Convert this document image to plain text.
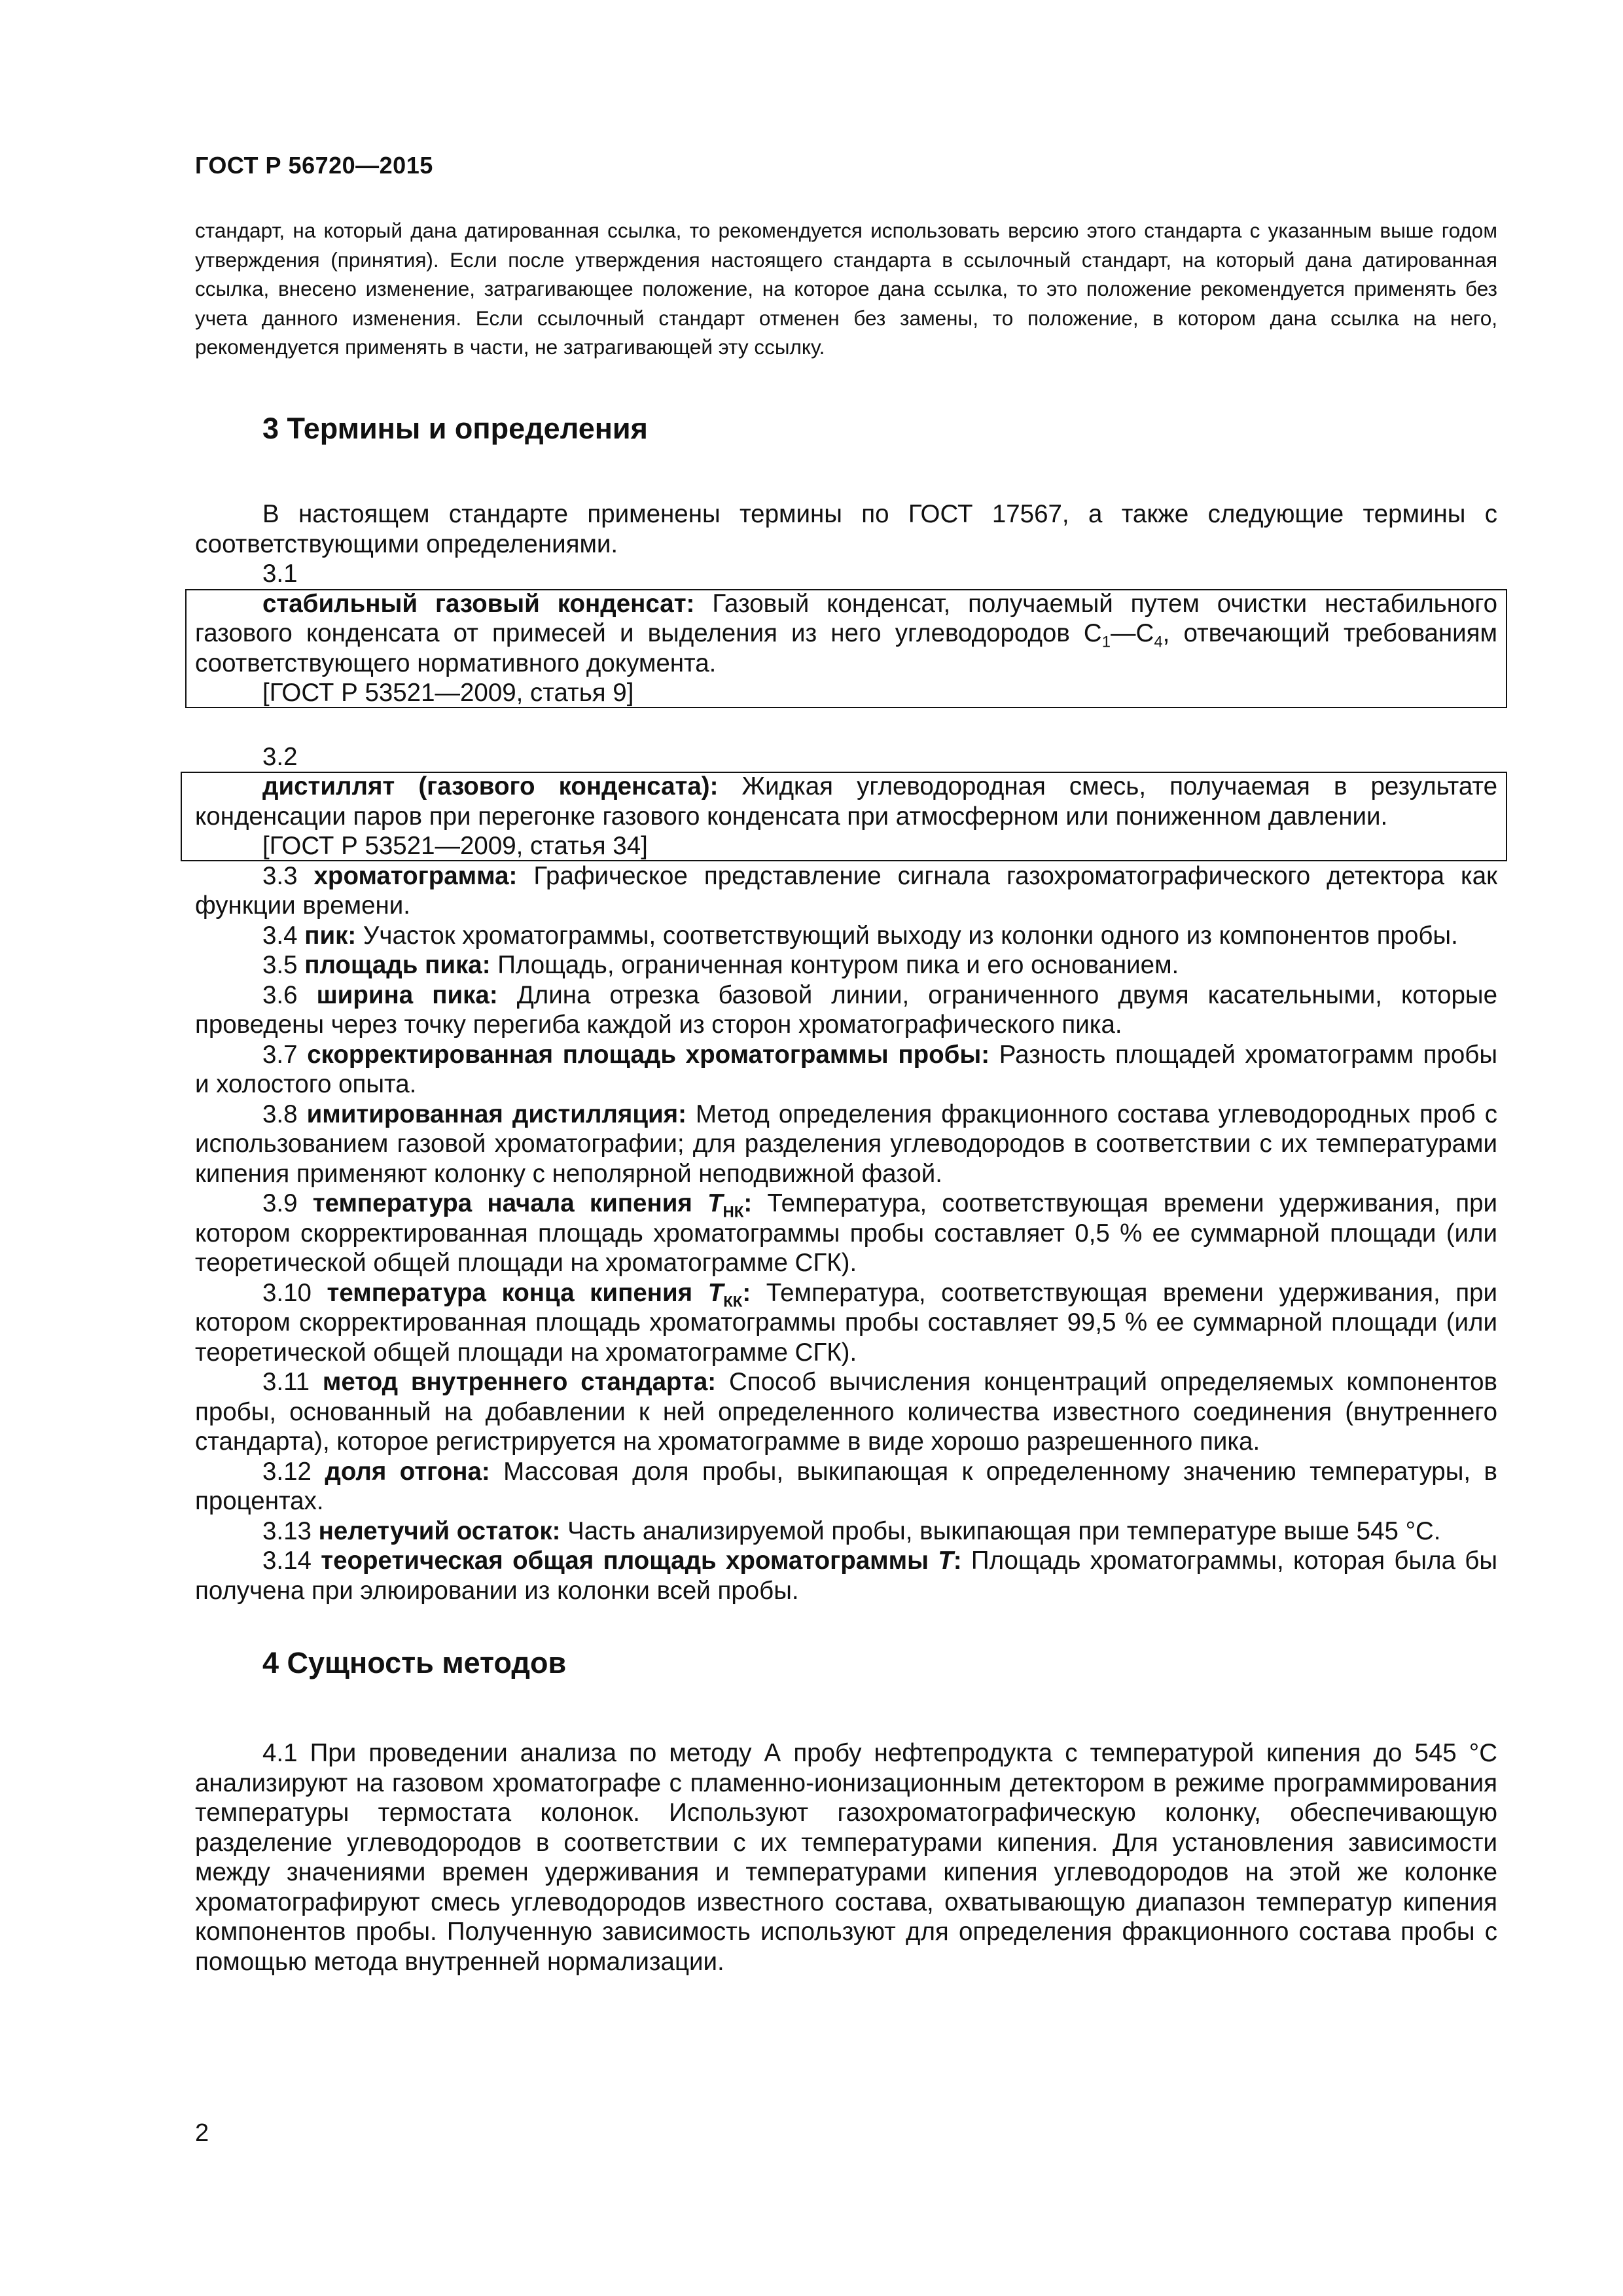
ГОСТ Р 56720—2015

стандарт, на который дана датированная ссылка, то рекомендуется использовать версию этого стандарта с указанным выше годом утверждения (принятия). Если после утверждения настоящего стандарта в ссылочный стандарт, на который дана датированная ссылка, внесено изменение, затрагивающее положение, на которое дана ссылка, то это положение рекомендуется применять без учета данного изменения. Если ссылочный стандарт отменен без замены, то положение, в котором дана ссылка на него, рекомендуется применять в части, не затрагивающей эту ссылку.

3 Термины и определения

В настоящем стандарте применены термины по ГОСТ 17567, а также следующие термины с соответствующими определениями.

3.1

стабильный газовый конденсат: Газовый конденсат, получаемый путем очистки нестабильного газового конденсата от примесей и выделения из него углеводородов $С_1—С_4$, отвечающий требованиям соответствующего нормативного документа.

[ГОСТ Р 53521—2009, статья 9]

3.2

дистиллят (газового конденсата): Жидкая углеводородная смесь, получаемая в результате конденсации паров при перегонке газового конденсата при атмосферном или пониженном давлении.

[ГОСТ Р 53521—2009, статья 34]

3.3 хроматограмма: Графическое представление сигнала газохроматографического детектора как функции времени.

3.4 пик: Участок хроматограммы, соответствующий выходу из колонки одного из компонентов пробы.

3.5 площадь пика: Площадь, ограниченная контуром пика и его основанием.

3.6 ширина пика: Длина отрезка базовой линии, ограниченного двумя касательными, которые проведены через точку перегиба каждой из сторон хроматографического пика.

3.7 скорректированная площадь хроматограммы пробы: Разность площадей хроматограмм пробы и холостого опыта.

3.8 имитированная дистилляция: Метод определения фракционного состава углеводородных проб с использованием газовой хроматографии; для разделения углеводородов в соответствии с их температурами кипения применяют колонку с неполярной неподвижной фазой.

3.9 температура начала кипения $T_{НК}$: Температура, соответствующая времени удерживания, при котором скорректированная площадь хроматограммы пробы составляет 0,5 % ее суммарной площади (или теоретической общей площади на хроматограмме СГК).

3.10 температура конца кипения $T_{КК}$: Температура, соответствующая времени удерживания, при котором скорректированная площадь хроматограммы пробы составляет 99,5 % ее суммарной площади (или теоретической общей площади на хроматограмме СГК).

3.11 метод внутреннего стандарта: Способ вычисления концентраций определяемых компонентов пробы, основанный на добавлении к ней определенного количества известного соединения (внутреннего стандарта), которое регистрируется на хроматограмме в виде хорошо разрешенного пика.

3.12 доля отгона: Массовая доля пробы, выкипающая к определенному значению температуры, в процентах.

3.13 нелетучий остаток: Часть анализируемой пробы, выкипающая при температуре выше 545 °С.

3.14 теоретическая общая площадь хроматограммы T: Площадь хроматограммы, которая была бы получена при элюировании из колонки всей пробы.

4 Сущность методов

4.1 При проведении анализа по методу А пробу нефтепродукта с температурой кипения до 545 °С анализируют на газовом хроматографе с пламенно-ионизационным детектором в режиме программирования температуры термостата колонок. Используют газохроматографическую колонку, обеспечивающую разделение углеводородов в соответствии с их температурами кипения. Для установления зависимости между значениями времен удерживания и температурами кипения углеводородов на этой же колонке хроматографируют смесь углеводородов известного состава, охватывающую диапазон температур кипения компонентов пробы. Полученную зависимость используют для определения фракционного состава пробы с помощью метода внутренней нормализации.

2
